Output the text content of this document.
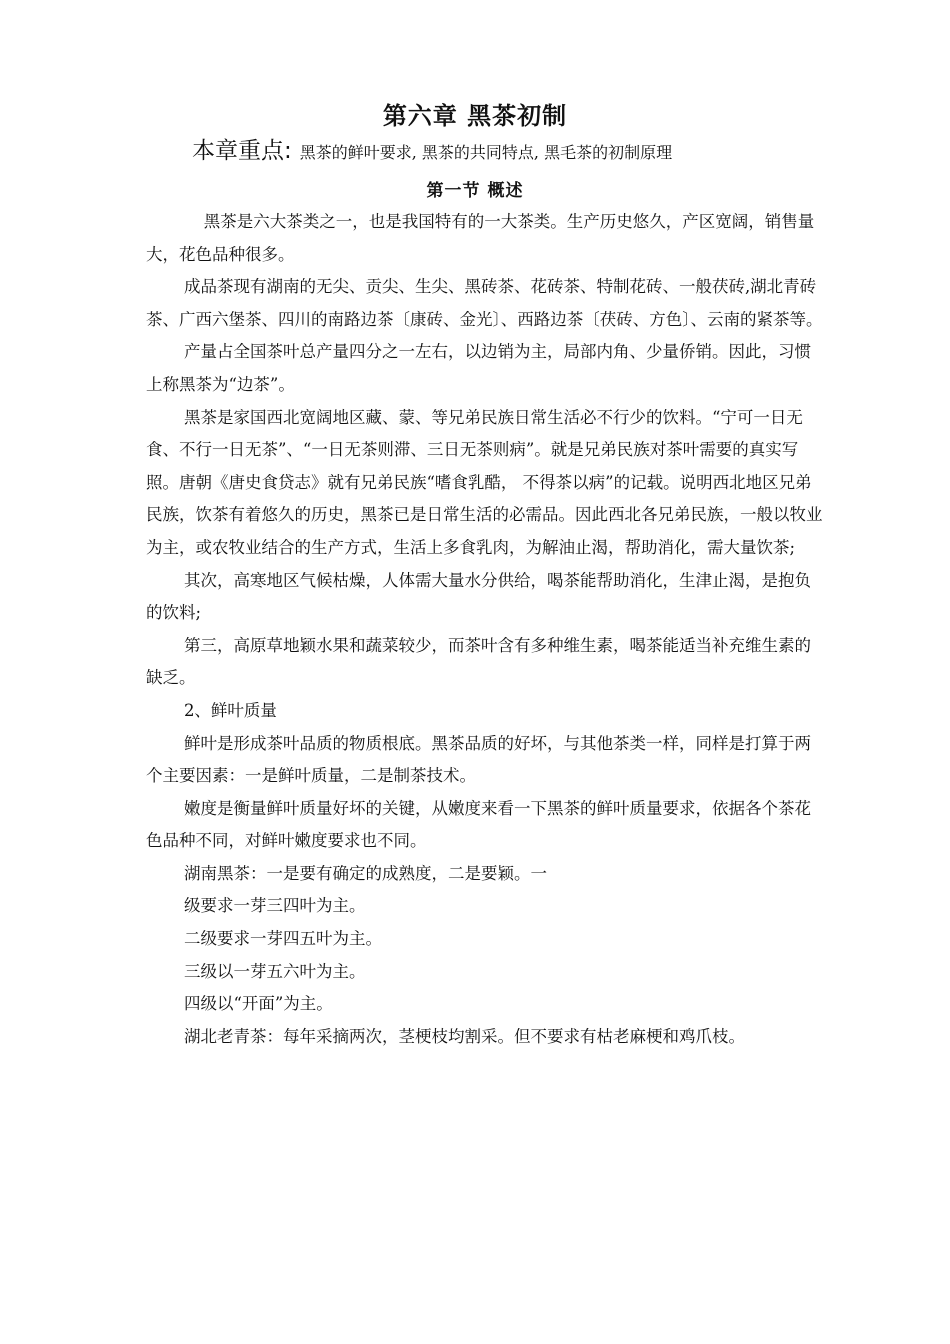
第六章 黑茶初制
本章重点: 黑茶的鲜叶要求, 黑茶的共同特点, 黑毛茶的初制原理
第一节 概述

黑茶是六大茶类之一，也是我国特有的一大茶类。生产历史悠久，产区宽阔，销售量大，花色品种很多。

成品茶现有湖南的无尖、贡尖、生尖、黑砖茶、花砖茶、特制花砖、一般茯砖,湖北青砖茶、广西六堡茶、四川的南路边茶〔康砖、金光〕、西路边茶〔茯砖、方色〕、云南的紧茶等。

产量占全国茶叶总产量四分之一左右，以边销为主，局部内角、少量侨销。因此，习惯上称黑茶为“边茶”。

黑茶是家国西北宽阔地区藏、蒙、等兄弟民族日常生活必不行少的饮料。“宁可一日无食、不行一日无茶”、“一日无茶则滞、三日无茶则病”。就是兄弟民族对茶叶需要的真实写照。唐朝《唐史食贷志》就有兄弟民族“嗜食乳酷， 不得茶以病”的记载。说明西北地区兄弟民族，饮茶有着悠久的历史，黑茶已是日常生活的必需品。因此西北各兄弟民族，一般以牧业为主，或农牧业结合的生产方式，生活上多食乳肉，为解油止渴，帮助消化，需大量饮茶;

其次，高寒地区气候枯燥，人体需大量水分供给，喝茶能帮助消化，生津止渴，是抱负的饮料;

第三，高原草地颖水果和蔬菜较少，而茶叶含有多种维生素，喝茶能适当补充维生素的缺乏。

2、鲜叶质量

鲜叶是形成茶叶品质的物质根底。黑茶品质的好坏，与其他茶类一样，同样是打算于两个主要因素：一是鲜叶质量，二是制茶技术。

嫩度是衡量鲜叶质量好坏的关键，从嫩度来看一下黑茶的鲜叶质量要求，依据各个茶花色品种不同，对鲜叶嫩度要求也不同。

湖南黑茶：一是要有确定的成熟度，二是要颖。一

级要求一芽三四叶为主。

二级要求一芽四五叶为主。

三级以一芽五六叶为主。

四级以“开面”为主。

湖北老青茶：每年采摘两次，茎梗枝均割采。但不要求有枯老麻梗和鸡爪枝。
